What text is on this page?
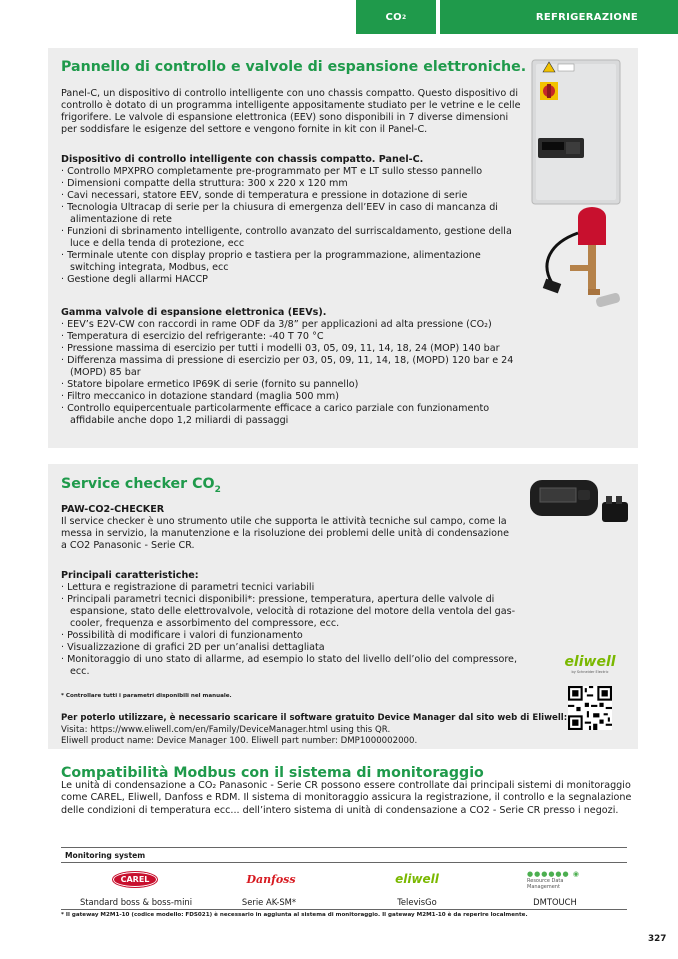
CO 2	REFRIGERAZIONE
Pannello di controllo e valvole di espansione elettroniche.
Panel-C, un dispositivo di controllo intelligente con uno chassis compatto. Questo dispositivo di controllo è dotato di un programma intelligente appositamente studiato per le vetrine e le celle frigorifere. Le valvole di espansione elettronica (EEV) sono disponibili in 7 diverse dimensioni per soddisfare le esigenze del settore e vengono fornite in kit con il Panel-C.

Dispositivo di controllo intelligente con chassis compatto. Panel-C.

· Controllo MPXPRO completamente pre-programmato per MT e LT sullo stesso pannello

· Dimensioni compatte della struttura: 300 x 220 x 120 mm

· Cavi necessari, statore EEV, sonde di temperatura e pressione in dotazione di serie

· Tecnologia Ultracap di serie per la chiusura di emergenza dell’EEV in caso di mancanza di alimentazione di rete

· Funzioni di sbrinamento intelligente, controllo avanzato del surriscaldamento, gestione della luce e della tenda di protezione, ecc

· Terminale utente con display proprio e tastiera per la programmazione, alimentazione switching integrata, Modbus, ecc

· Gestione degli allarmi HACCP

Gamma valvole di espansione elettronica (EEVs).

· EEV’s E2V-CW con raccordi in rame ODF da 3/8” per applicazioni ad alta pressione (CO₂)

· Temperatura di esercizio del refrigerante: -40 T 70 °C

· Pressione massima di esercizio per tutti i modelli 03, 05, 09, 11, 14, 18, 24 (MOP) 140 bar

· Differenza massima di pressione di esercizio per 03, 05, 09, 11, 14, 18, (MOPD) 120 bar e 24 (MOPD) 85 bar

· Statore bipolare ermetico IP69K di serie (fornito su pannello)

· Filtro meccanico in dotazione standard (maglia 500 mm)

· Controllo equipercentuale particolarmente efficace a carico parziale con funzionamento affidabile anche dopo 1,2 miliardi di passaggi

Service checker $CO_2$

PAW-CO2-CHECKER

Il service checker è uno strumento utile che supporta le attività tecniche sul campo, come la messa in servizio, la manutenzione e la risoluzione dei problemi delle unità di condensazione a CO2 Panasonic - Serie CR.

Principali caratteristiche:

· Lettura e registrazione di parametri tecnici variabili

· Principali parametri tecnici disponibili*: pressione, temperatura, apertura delle valvole di espansione, stato delle elettrovalvole, velocità di rotazione del motore della ventola del gas-cooler, frequenza e assorbimento del compressore, ecc.

· Possibilità di modificare i valori di funzionamento

· Visualizzazione di grafici 2D per un’analisi dettagliata

· Monitoraggio di uno stato di allarme, ad esempio lo stato del livello dell’olio del compressore, ecc.

* Controllare tutti i parametri disponibili nel manuale.

Per poterlo utilizzare, è necessario scaricare il software gratuito Device Manager dal sito web di Eliwell:

Visita: https://www.eliwell.com/en/Family/DeviceManager.html using this QR.

Eliwell product name: Device Manager 100. Eliwell part number: DMP1000002000.

eliwell
by Schneider Electric
Compatibilità Modbus con il sistema di monitoraggio
Le unità di condensazione a CO₂ Panasonic - Serie CR possono essere controllate dai principali sistemi di monitoraggio come CAREL, Eliwell, Danfoss e RDM. Il sistema di monitoraggio assicura la registrazione, il controllo e la segnalazione delle condizioni di temperatura ecc... dell’intero sistema di unità di condensazione a CO2 - Serie CR presso i negozi.
Monitoring system
CAREL
Standard boss & boss-mini
Danfoss
Serie AK-SM*
eliwell
TelevisGo
●●●●●● ◉
Resource Data Management
DMTOUCH
* Il gateway M2M1-10 (codice modello: FDS021) è necessario in aggiunta al sistema di monitoraggio. Il gateway M2M1-10 è da reperire localmente.
327
